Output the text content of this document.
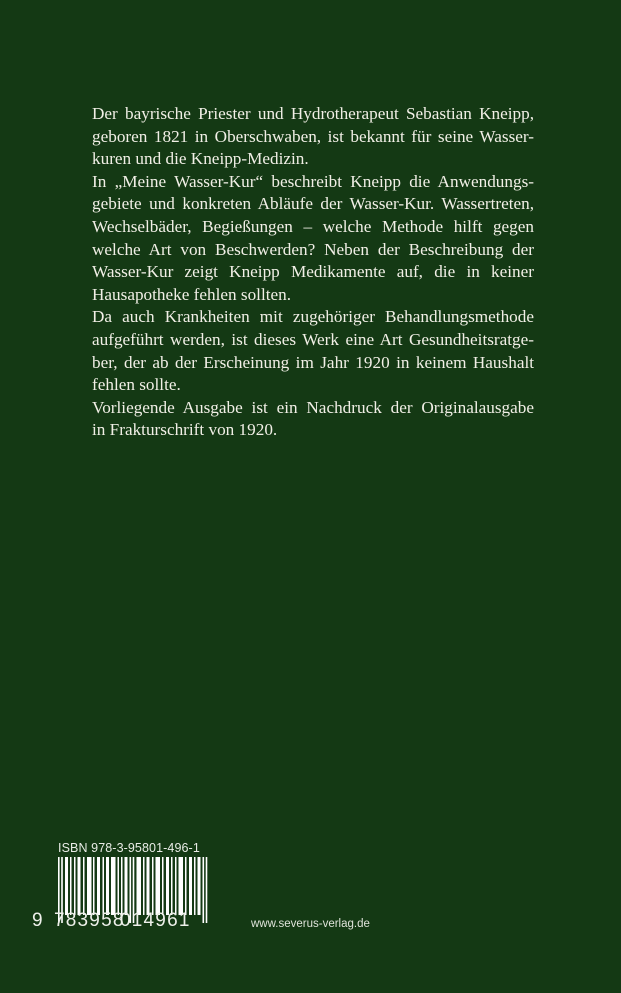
Der bayrische Priester und Hydrotherapeut Sebastian Kneipp,
geboren 1821 in Oberschwaben, ist bekannt für seine Wasser-
kuren und die Kneipp-Medizin.
In „Meine Wasser-Kur“ beschreibt Kneipp die Anwendungs-
gebiete und konkreten Abläufe der Wasser-Kur. Wassertreten,
Wechselbäder, Begießungen – welche Methode hilft gegen
welche Art von Beschwerden? Neben der Beschreibung der
Wasser-Kur zeigt Kneipp Medikamente auf, die in keiner
Hausapotheke fehlen sollten.
Da auch Krankheiten mit zugehöriger Behandlungsmethode
aufgeführt werden, ist dieses Werk eine Art Gesundheitsratge-
ber, der ab der Erscheinung im Jahr 1920 in keinem Haushalt
fehlen sollte.
Vorliegende Ausgabe ist ein Nachdruck der Originalausgabe
in Frakturschrift von 1920.
ISBN 978-3-95801-496-1
9 783958
014961	www.severus-verlag.de
